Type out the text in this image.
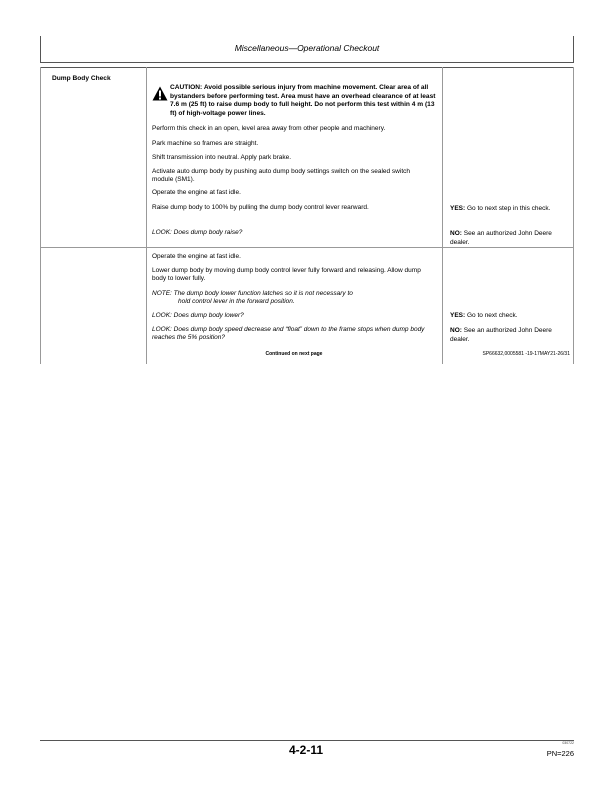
Miscellaneous—Operational Checkout
Dump Body Check
CAUTION: Avoid possible serious injury from machine movement. Clear area of all bystanders before performing test. Area must have an overhead clearance of at least 7.6 m (25 ft) to raise dump body to full height. Do not perform this test within 4 m (13 ft) of high-voltage power lines.
Perform this check in an open, level area away from other people and machinery.
Park machine so frames are straight.
Shift transmission into neutral. Apply park brake.
Activate auto dump body by pushing auto dump body settings switch on the sealed switch module (SM1).
Operate the engine at fast idle.
Raise dump body to 100% by pulling the dump body control lever rearward.
LOOK: Does dump body raise?
YES: Go to next step in this check.
NO: See an authorized John Deere dealer.
Operate the engine at fast idle.
Lower dump body by moving dump body control lever fully forward and releasing. Allow dump body to lower fully.
NOTE: The dump body lower function latches so it is not necessary to
hold control lever in the forward position.
LOOK: Does dump body lower?
LOOK: Does dump body speed decrease and “float” down to the frame stops when dump body reaches the 5% position?
YES: Go to next check.
NO: See an authorized John Deere dealer.
Continued on next page	SP66632,0005581 -19-17MAY21-26/31
4-2-11	030722
PN=226
